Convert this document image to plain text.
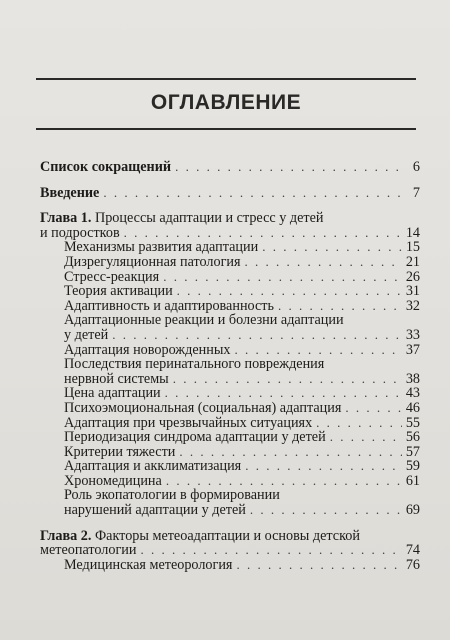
ОГЛАВЛЕНИЕ
Список сокращений . . .	6
Введение . . .	7
Глава 1. Процессы адаптации и стресс у детей
и подростков . . .	14
Механизмы развития адаптации . . .	15
Дизрегуляционная патология . . .	21
Стресс-реакция . . .	26
Теория активации . . .	31
Адаптивность и адаптированность . . .	32
Адаптационные реакции и болезни адаптации
у детей . . .	33
Адаптация новорожденных . . .	37
Последствия перинатального повреждения
нервной системы . . .	38
Цена адаптации . . .	43
Психоэмоциональная (социальная) адаптация . . .	46
Адаптация при чрезвычайных ситуациях . . .	55
Периодизация синдрома адаптации у детей . . .	56
Критерии тяжести . . .	57
Адаптация и акклиматизация . . .	59
Хрономедицина . . .	61
Роль экопатологии в формировании
нарушений адаптации у детей . . .	69
Глава 2. Факторы метеоадаптации и основы детской
метеопатологии . . .	74
Медицинская метеорология . . .	76
